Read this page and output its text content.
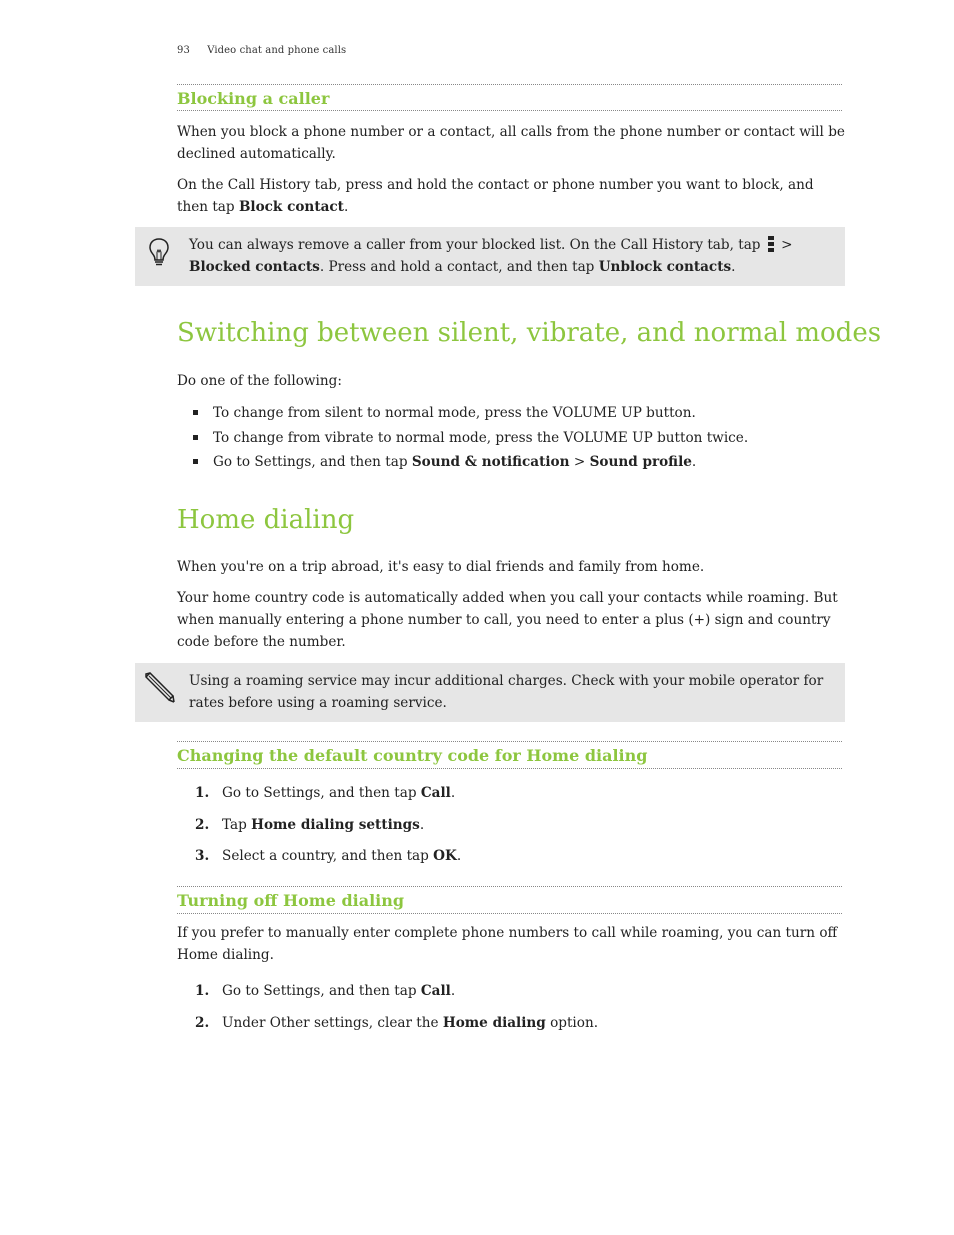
93 Video chat and phone calls
Blocking a caller

When you block a phone number or a contact, all calls from the phone number or contact will be declined automatically.

On the Call History tab, press and hold the contact or phone number you want to block, and then tap Block contact.

You can always remove a caller from your blocked list. On the Call History tab, tap  > Blocked contacts. Press and hold a contact, and then tap Unblock contacts.
Switching between silent, vibrate, and normal modes

Do one of the following:

To change from silent to normal mode, press the VOLUME UP button.
To change from vibrate to normal mode, press the VOLUME UP button twice.
Go to Settings, and then tap Sound & notification > Sound profile.
Home dialing

When you're on a trip abroad, it's easy to dial friends and family from home.

Your home country code is automatically added when you call your contacts while roaming. But when manually entering a phone number to call, you need to enter a plus (+) sign and country code before the number.

Using a roaming service may incur additional charges. Check with your mobile operator for rates before using a roaming service.
Changing the default country code for Home dialing
1. Go to Settings, and then tap Call.
2. Tap Home dialing settings.
3. Select a country, and then tap OK.
Turning off Home dialing

If you prefer to manually enter complete phone numbers to call while roaming, you can turn off Home dialing.

1. Go to Settings, and then tap Call.
2. Under Other settings, clear the Home dialing option.
